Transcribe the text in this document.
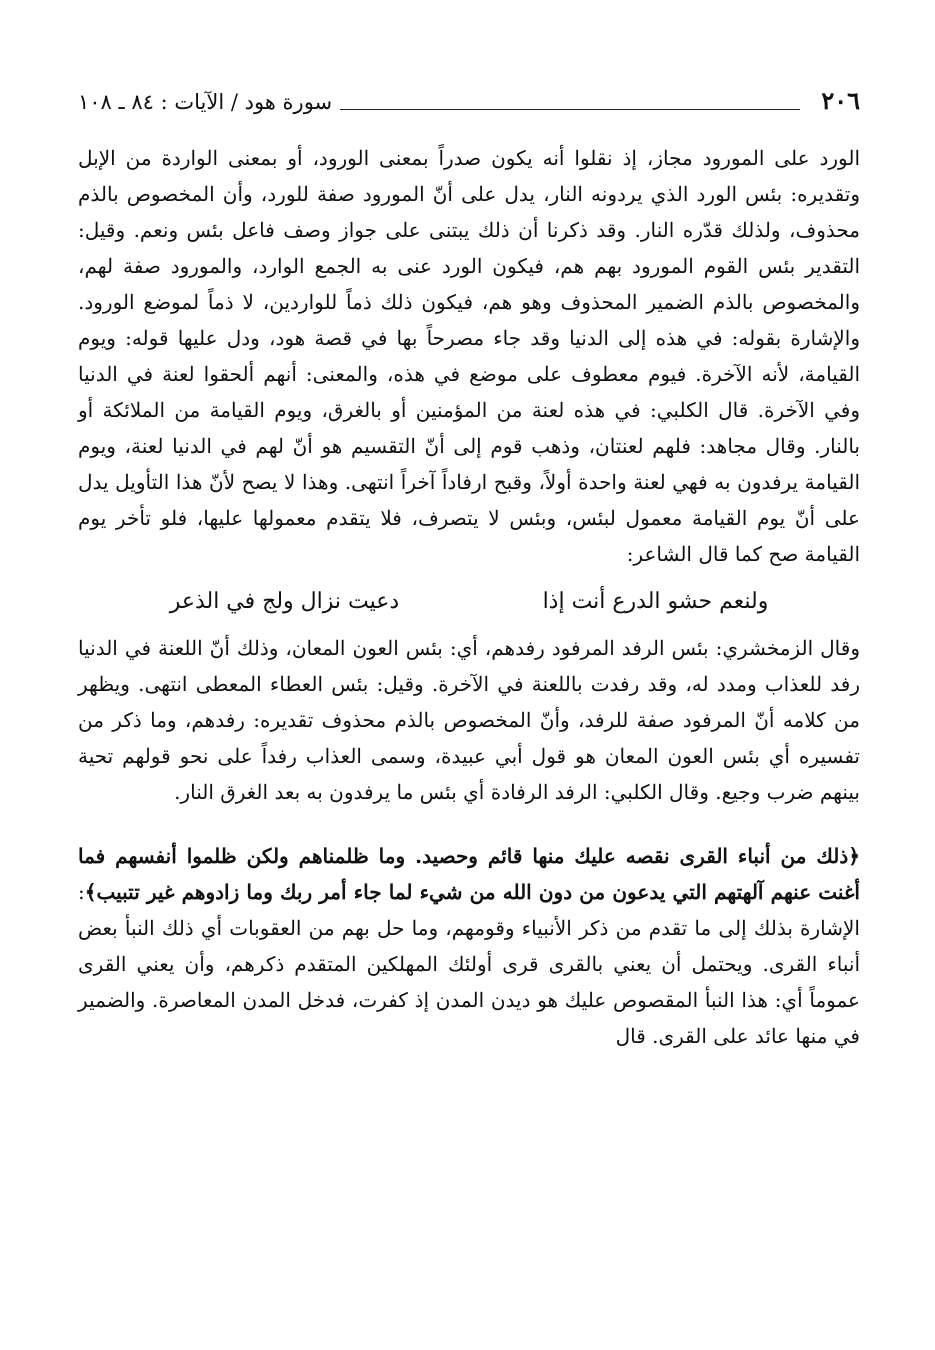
٢٠٦
سورة هود / الآيات : ٨٤ ـ ١٠٨

الورد على المورود مجاز، إذ نقلوا أنه يكون صدراً بمعنى الورود، أو بمعنى الواردة من الإبل وتقديره: بئس الورد الذي يردونه النار، يدل على أنّ المورود صفة للورد، وأن المخصوص بالذم محذوف، ولذلك قدّره النار. وقد ذكرنا أن ذلك يبتنى على جواز وصف فاعل بئس ونعم. وقيل: التقدير بئس القوم المورود بهم هم، فيكون الورد عنى به الجمع الوارد، والمورود صفة لهم، والمخصوص بالذم الضمير المحذوف وهو هم، فيكون ذلك ذماً للواردين، لا ذماً لموضع الورود. والإشارة بقوله: في هذه إلى الدنيا وقد جاء مصرحاً بها في قصة هود، ودل عليها قوله: ويوم القيامة، لأنه الآخرة. فيوم معطوف على موضع في هذه، والمعنى: أنهم ألحقوا لعنة في الدنيا وفي الآخرة. قال الكلبي: في هذه لعنة من المؤمنين أو بالغرق، ويوم القيامة من الملائكة أو بالنار. وقال مجاهد: فلهم لعنتان، وذهب قوم إلى أنّ التقسيم هو أنّ لهم في الدنيا لعنة، ويوم القيامة يرفدون به فهي لعنة واحدة أولاً، وقبح ارفاداً آخراً انتهى. وهذا لا يصح لأنّ هذا التأويل يدل على أنّ يوم القيامة معمول لبئس، وبئس لا يتصرف، فلا يتقدم معمولها عليها، فلو تأخر يوم القيامة صح كما قال الشاعر:

ولنعم حشو الدرع أنت إذا
دعيت نزال ولج في الذعر

وقال الزمخشري: بئس الرفد المرفود رفدهم، أي: بئس العون المعان، وذلك أنّ اللعنة في الدنيا رفد للعذاب ومدد له، وقد رفدت باللعنة في الآخرة. وقيل: بئس العطاء المعطى انتهى. ويظهر من كلامه أنّ المرفود صفة للرفد، وأنّ المخصوص بالذم محذوف تقديره: رفدهم، وما ذكر من تفسيره أي بئس العون المعان هو قول أبي عبيدة، وسمى العذاب رفداً على نحو قولهم تحية بينهم ضرب وجيع. وقال الكلبي: الرفد الرفادة أي بئس ما يرفدون به بعد الغرق النار.

﴿ذلك من أنباء القرى نقصه عليك منها قائم وحصيد. وما ظلمناهم ولكن ظلموا أنفسهم فما أغنت عنهم آلهتهم التي يدعون من دون الله من شيء لما جاء أمر ربك وما زادوهم غير تتبيب﴾: الإشارة بذلك إلى ما تقدم من ذكر الأنبياء وقومهم، وما حل بهم من العقوبات أي ذلك النبأ بعض أنباء القرى. ويحتمل أن يعني بالقرى قرى أولئك المهلكين المتقدم ذكرهم، وأن يعني القرى عموماً أي: هذا النبأ المقصوص عليك هو ديدن المدن إذ كفرت، فدخل المدن المعاصرة. والضمير في منها عائد على القرى. قال
